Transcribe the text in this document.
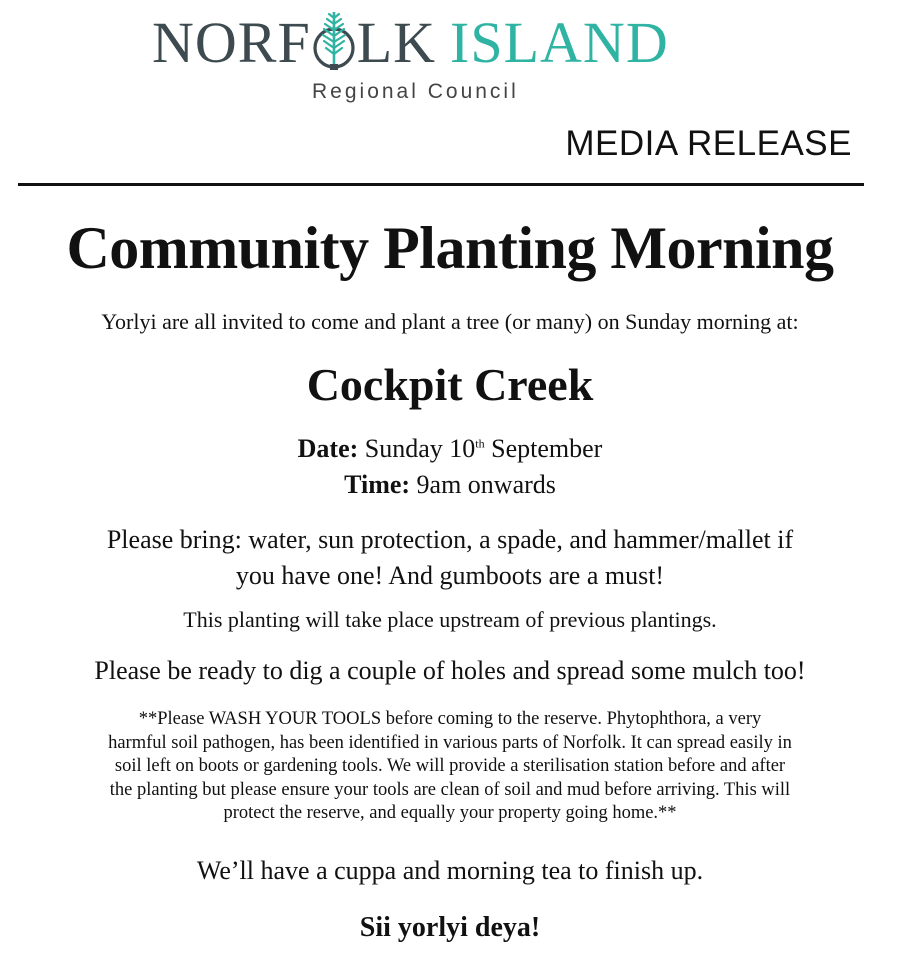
NORF LK ISLAND
Regional Council
MEDIA RELEASE
Community Planting Morning
Yorlyi are all invited to come and plant a tree (or many) on Sunday morning at:
Cockpit Creek
Date: Sunday 10th September
Time: 9am onwards
Please bring: water, sun protection, a spade, and hammer/mallet if
you have one! And gumboots are a must!
This planting will take place upstream of previous plantings.
Please be ready to dig a couple of holes and spread some mulch too!
**Please WASH YOUR TOOLS before coming to the reserve. Phytophthora, a very
harmful soil pathogen, has been identified in various parts of Norfolk. It can spread easily in
soil left on boots or gardening tools. We will provide a sterilisation station before and after
the planting but please ensure your tools are clean of soil and mud before arriving. This will
protect the reserve, and equally your property going home.**
We’ll have a cuppa and morning tea to finish up.
Sii yorlyi deya!
